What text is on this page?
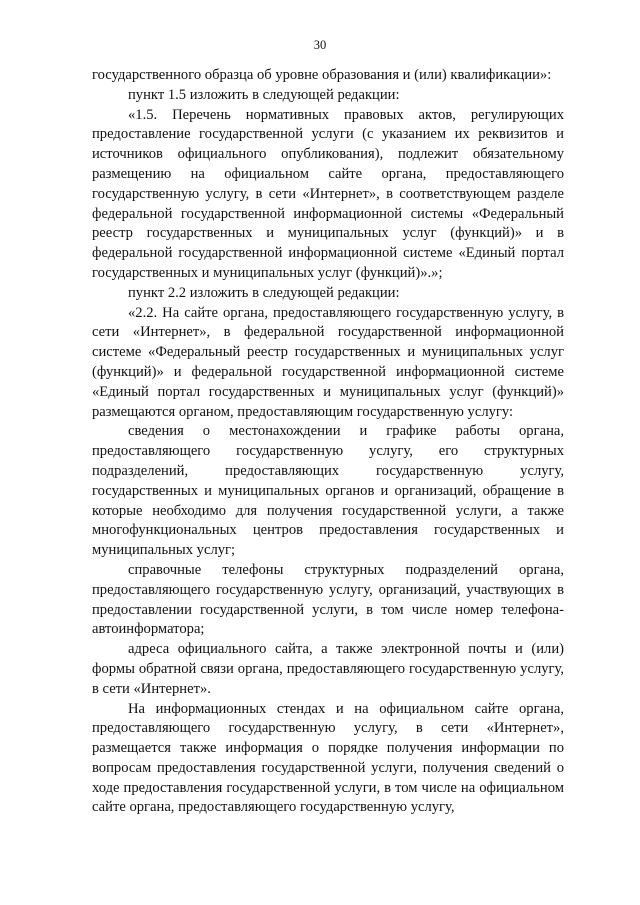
30

государственного образца об уровне образования и (или) квалификации»:

пункт 1.5 изложить в следующей редакции:

«1.5. Перечень нормативных правовых актов, регулирующих предоставление государственной услуги (с указанием их реквизитов и источников официального опубликования), подлежит обязательному размещению на официальном сайте органа, предоставляющего государственную услугу, в сети «Интернет», в соответствующем разделе федеральной государственной информационной системы «Федеральный реестр государственных и муниципальных услуг (функций)» и в федеральной государственной информационной системе «Единый портал государственных и муниципальных услуг (функций)».»;

пункт 2.2 изложить в следующей редакции:

«2.2. На сайте органа, предоставляющего государственную услугу, в сети «Интернет», в федеральной государственной информационной системе «Федеральный реестр государственных и муниципальных услуг (функций)» и федеральной государственной информационной системе «Единый портал государственных и муниципальных услуг (функций)» размещаются органом, предоставляющим государственную услугу:

сведения о местонахождении и графике работы органа, предоставляющего государственную услугу, его структурных подразделений, предоставляющих государственную услугу, государственных и муниципальных органов и организаций, обращение в которые необходимо для получения государственной услуги, а также многофункциональных центров предоставления государственных и муниципальных услуг;

справочные телефоны структурных подразделений органа, предоставляющего государственную услугу, организаций, участвующих в предоставлении государственной услуги, в том числе номер телефона-автоинформатора;

адреса официального сайта, а также электронной почты и (или) формы обратной связи органа, предоставляющего государственную услугу, в сети «Интернет».

На информационных стендах и на официальном сайте органа, предоставляющего государственную услугу, в сети «Интернет», размещается также информация о порядке получения информации по вопросам предоставления государственной услуги, получения сведений о ходе предоставления государственной услуги, в том числе на официальном сайте органа, предоставляющего государственную услугу,
